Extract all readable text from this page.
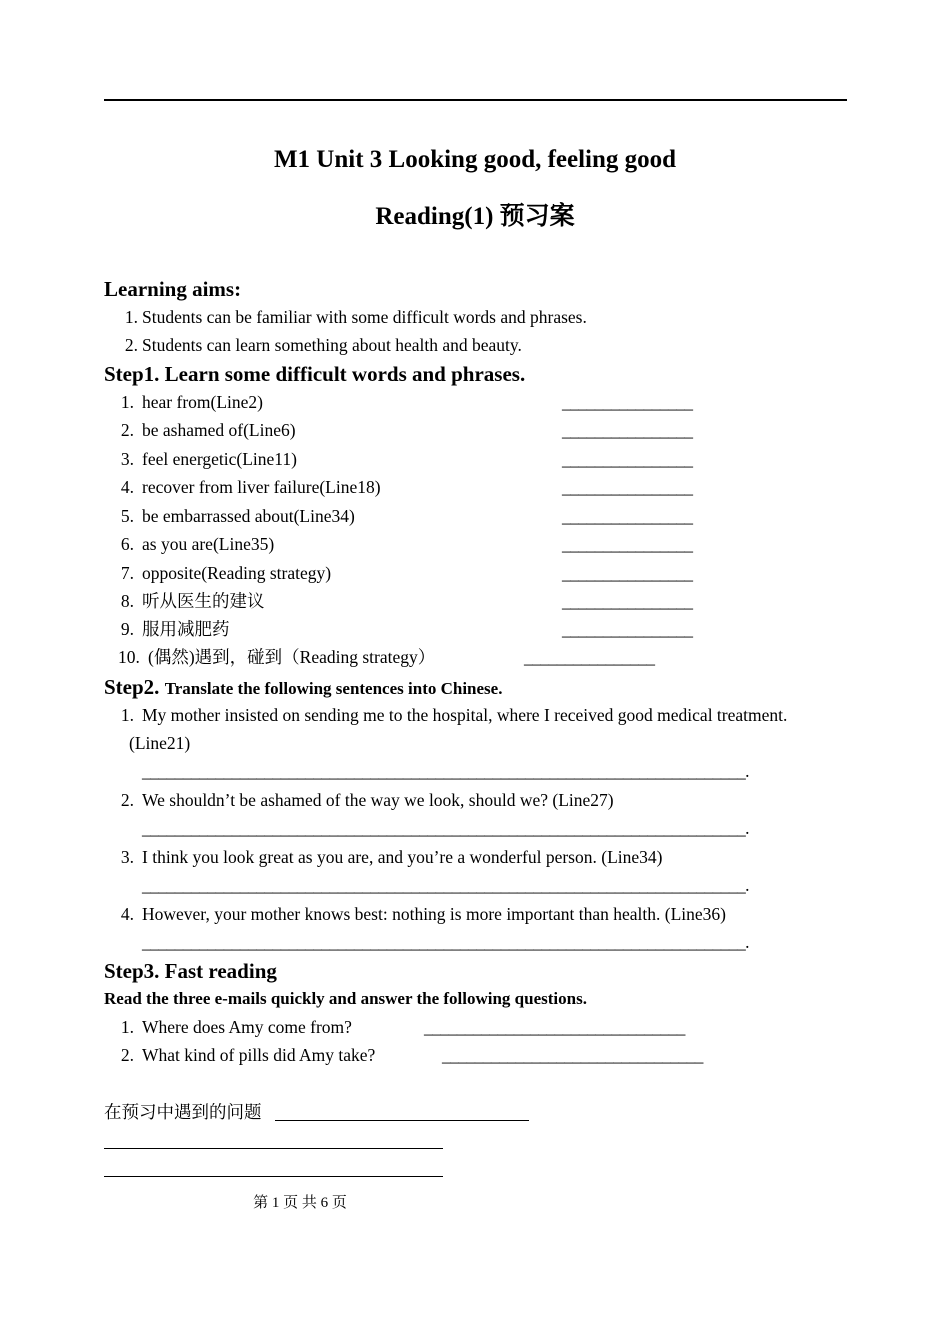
M1 Unit 3 Looking good, feeling good
Reading(1) 预习案
Learning aims:
1. Students can be familiar with some difficult words and phrases.
2. Students can learn something about health and beauty.
Step1. Learn some difficult words and phrases.
1. hear from(Line2)	________________
2. be ashamed of(Line6)	________________
3. feel energetic(Line11)	________________
4. recover from liver failure(Line18)	________________
5. be embarrassed about(Line34)	________________
6. as you are(Line35)	________________
7. opposite(Reading strategy)	________________
8. 听从医生的建议	________________
9. 服用减肥药	________________
10. (偶然)遇到，碰到（Reading strategy）	________________
Step2. Translate the following sentences into Chinese.
1. My mother insisted on sending me to the hospital, where I received good medical treatment.
(Line21)
__________________________________________________________________________.
2. We shouldn’t be ashamed of the way we look, should we? (Line27)
__________________________________________________________________________.
3. I think you look great as you are, and you’re a wonderful person. (Line34)
__________________________________________________________________________.
4. However, your mother knows best: nothing is more important than health. (Line36)
__________________________________________________________________________.
Step3. Fast reading
Read the three e-mails quickly and answer the following questions.
1. Where does Amy come from?	________________________________
2. What kind of pills did Amy take?	________________________________
在预习中遇到的问题
第 1 页 共 6 页
